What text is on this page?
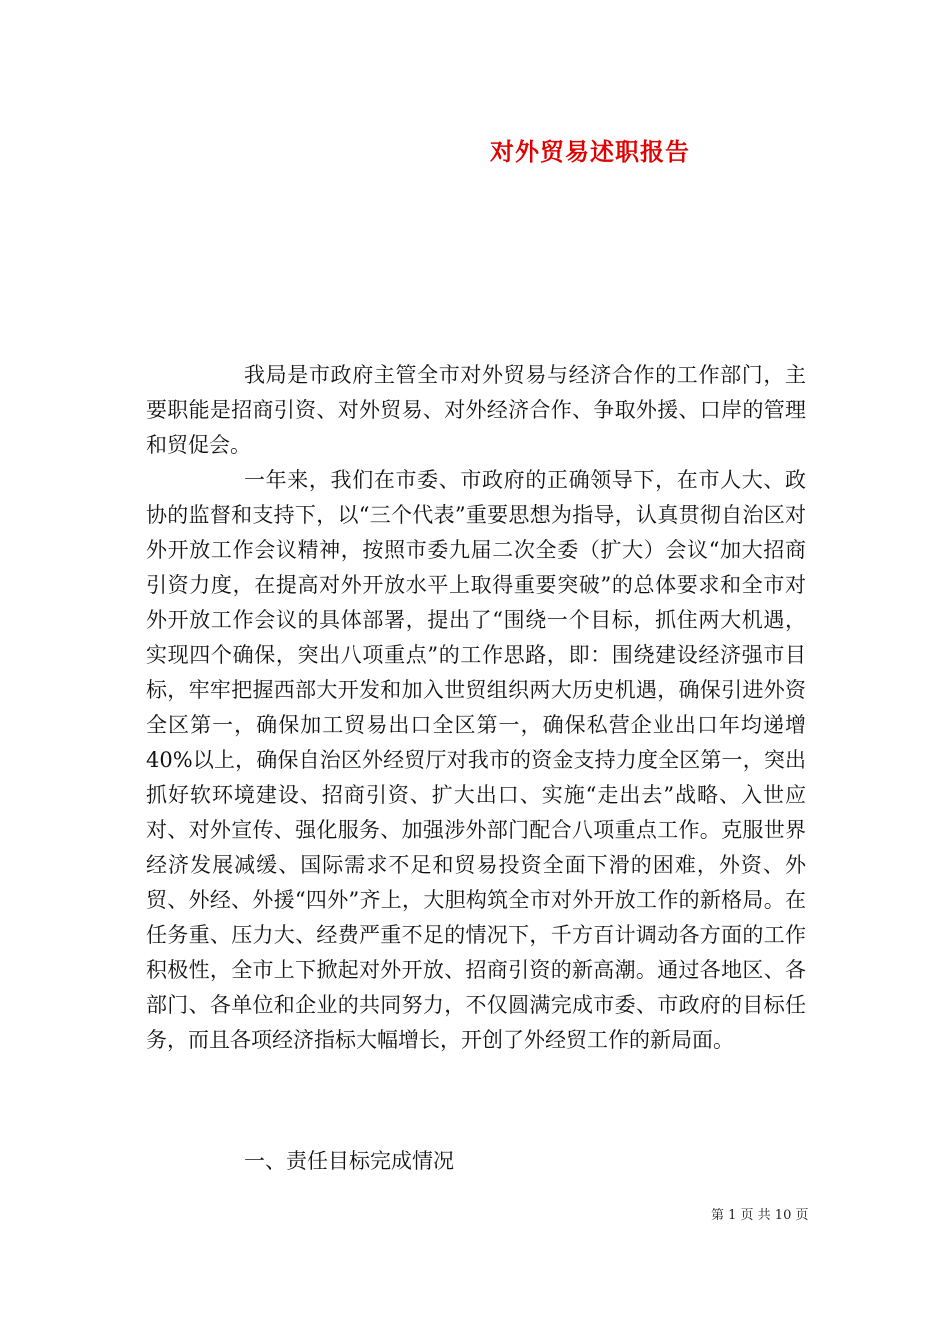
对外贸易述职报告

我局是市政府主管全市对外贸易与经济合作的工作部门，主要职能是招商引资、对外贸易、对外经济合作、争取外援、口岸的管理和贸促会。

一年来，我们在市委、市政府的正确领导下，在市人大、政协的监督和支持下，以“三个代表”重要思想为指导，认真贯彻自治区对外开放工作会议精神，按照市委九届二次全委（扩大）会议“加大招商引资力度，在提高对外开放水平上取得重要突破”的总体要求和全市对外开放工作会议的具体部署，提出了“围绕一个目标，抓住两大机遇，实现四个确保，突出八项重点”的工作思路，即：围绕建设经济强市目标，牢牢把握西部大开发和加入世贸组织两大历史机遇，确保引进外资全区第一，确保加工贸易出口全区第一，确保私营企业出口年均递增40%以上，确保自治区外经贸厅对我市的资金支持力度全区第一，突出抓好软环境建设、招商引资、扩大出口、实施“走出去”战略、入世应对、对外宣传、强化服务、加强涉外部门配合八项重点工作。克服世界经济发展减缓、国际需求不足和贸易投资全面下滑的困难，外资、外贸、外经、外援“四外”齐上，大胆构筑全市对外开放工作的新格局。在任务重、压力大、经费严重不足的情况下，千方百计调动各方面的工作积极性，全市上下掀起对外开放、招商引资的新高潮。通过各地区、各部门、各单位和企业的共同努力，不仅圆满完成市委、市政府的目标任务，而且各项经济指标大幅增长，开创了外经贸工作的新局面。

一、责任目标完成情况
第 1 页 共 10 页
